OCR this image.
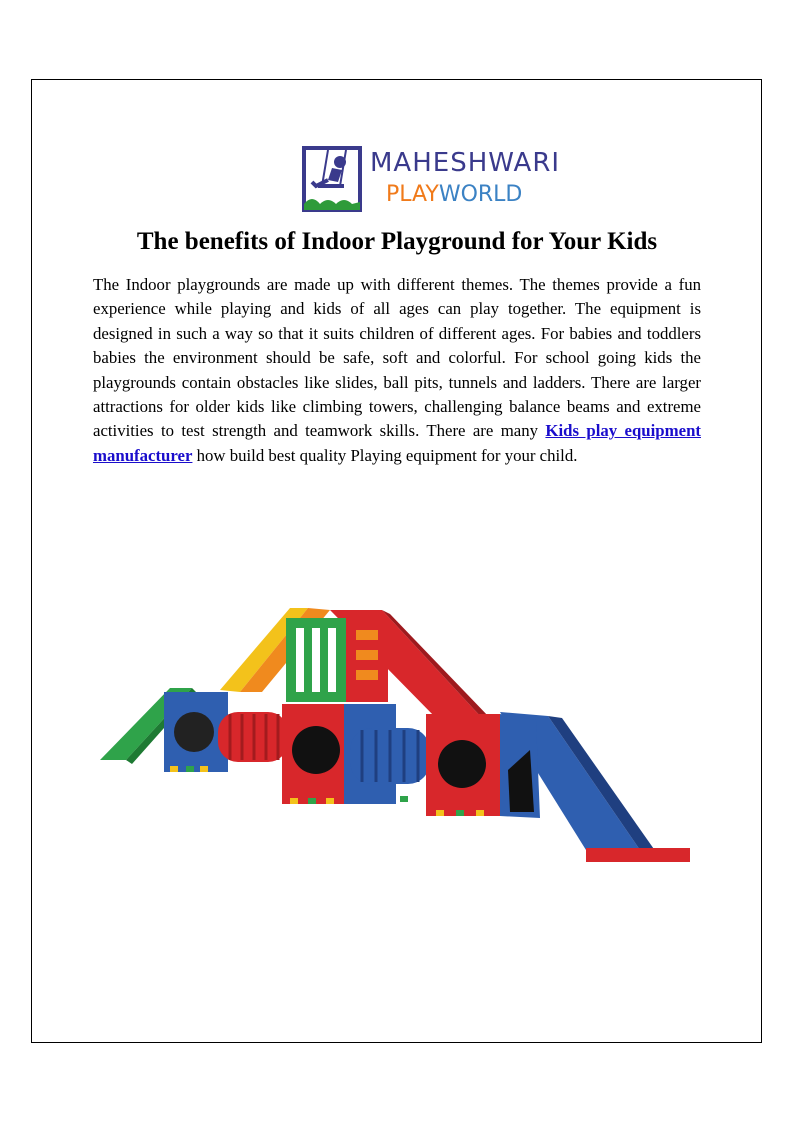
MAHESHWARI
PLAYWORLD
The benefits of Indoor Playground for Your Kids

The Indoor playgrounds are made up with different themes. The themes provide a fun experience while playing and kids of all ages can play together. The equipment is designed in such a way so that it suits children of different ages. For babies and toddlers babies the environment should be safe, soft and colorful. For school going kids the playgrounds contain obstacles like slides, ball pits, tunnels and ladders. There are larger attractions for older kids like climbing towers, challenging balance beams and extreme activities to test strength and teamwork skills. There are many Kids play equipment manufacturer how build best quality Playing equipment for your child.
